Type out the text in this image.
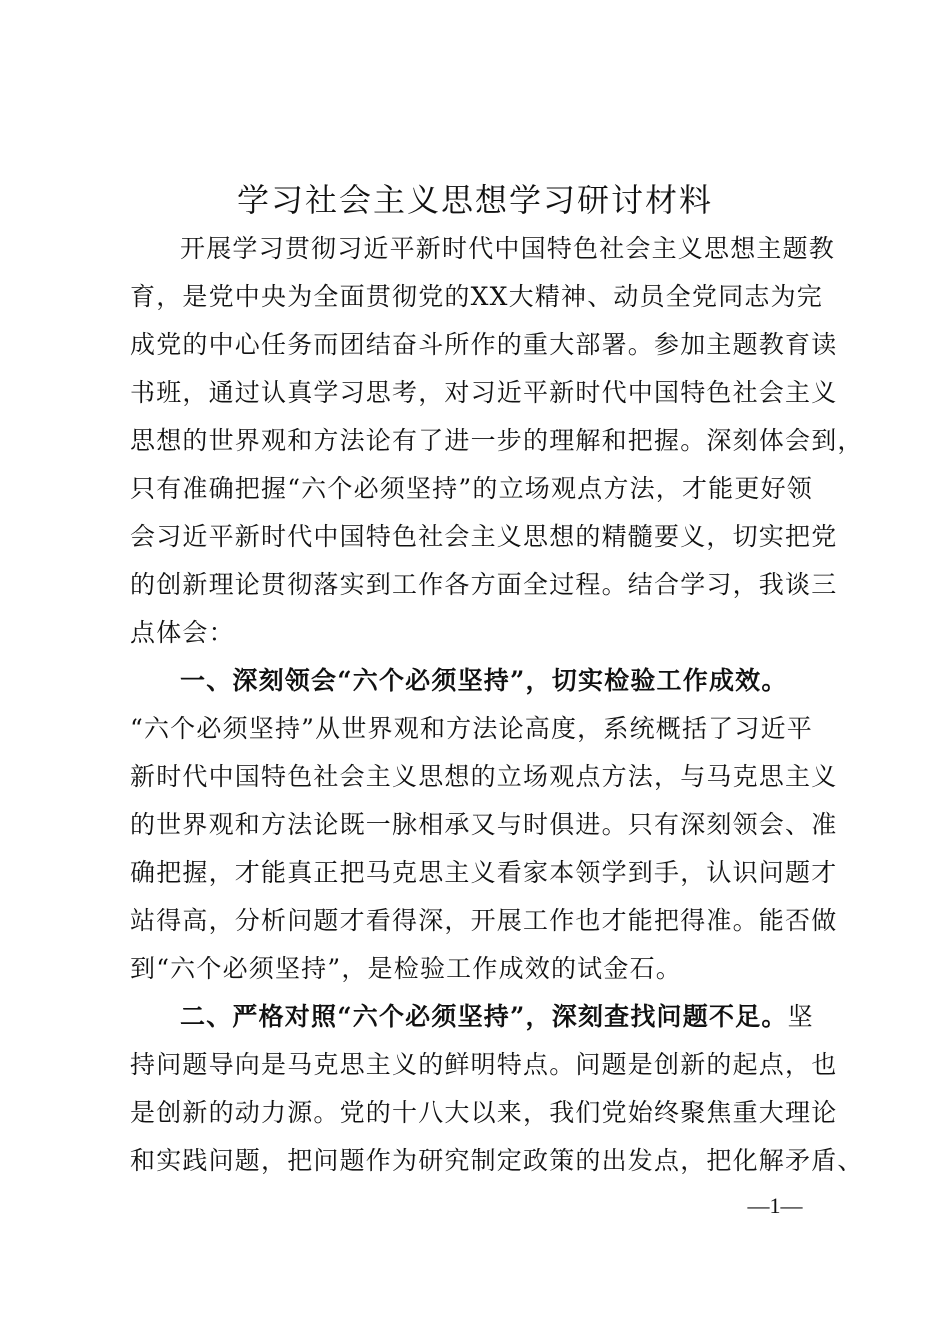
学习社会主义思想学习研讨材料
开展学习贯彻习近平新时代中国特色社会主义思想主题教
育，是党中央为全面贯彻党的XX大精神、动员全党同志为完
成党的中心任务而团结奋斗所作的重大部署。参加主题教育读
书班，通过认真学习思考，对习近平新时代中国特色社会主义
思想的世界观和方法论有了进一步的理解和把握。深刻体会到，
只有准确把握“六个必须坚持”的立场观点方法，才能更好领
会习近平新时代中国特色社会主义思想的精髓要义，切实把党
的创新理论贯彻落实到工作各方面全过程。结合学习，我谈三
点体会：
一、深刻领会“六个必须坚持”，切实检验工作成效。
“六个必须坚持”从世界观和方法论高度，系统概括了习近平
新时代中国特色社会主义思想的立场观点方法，与马克思主义
的世界观和方法论既一脉相承又与时俱进。只有深刻领会、准
确把握，才能真正把马克思主义看家本领学到手，认识问题才
站得高，分析问题才看得深，开展工作也才能把得准。能否做
到“六个必须坚持”，是检验工作成效的试金石。
二、严格对照“六个必须坚持”，深刻查找问题不足。坚
持问题导向是马克思主义的鲜明特点。问题是创新的起点，也
是创新的动力源。党的十八大以来，我们党始终聚焦重大理论
和实践问题，把问题作为研究制定政策的出发点，把化解矛盾、
—1—
